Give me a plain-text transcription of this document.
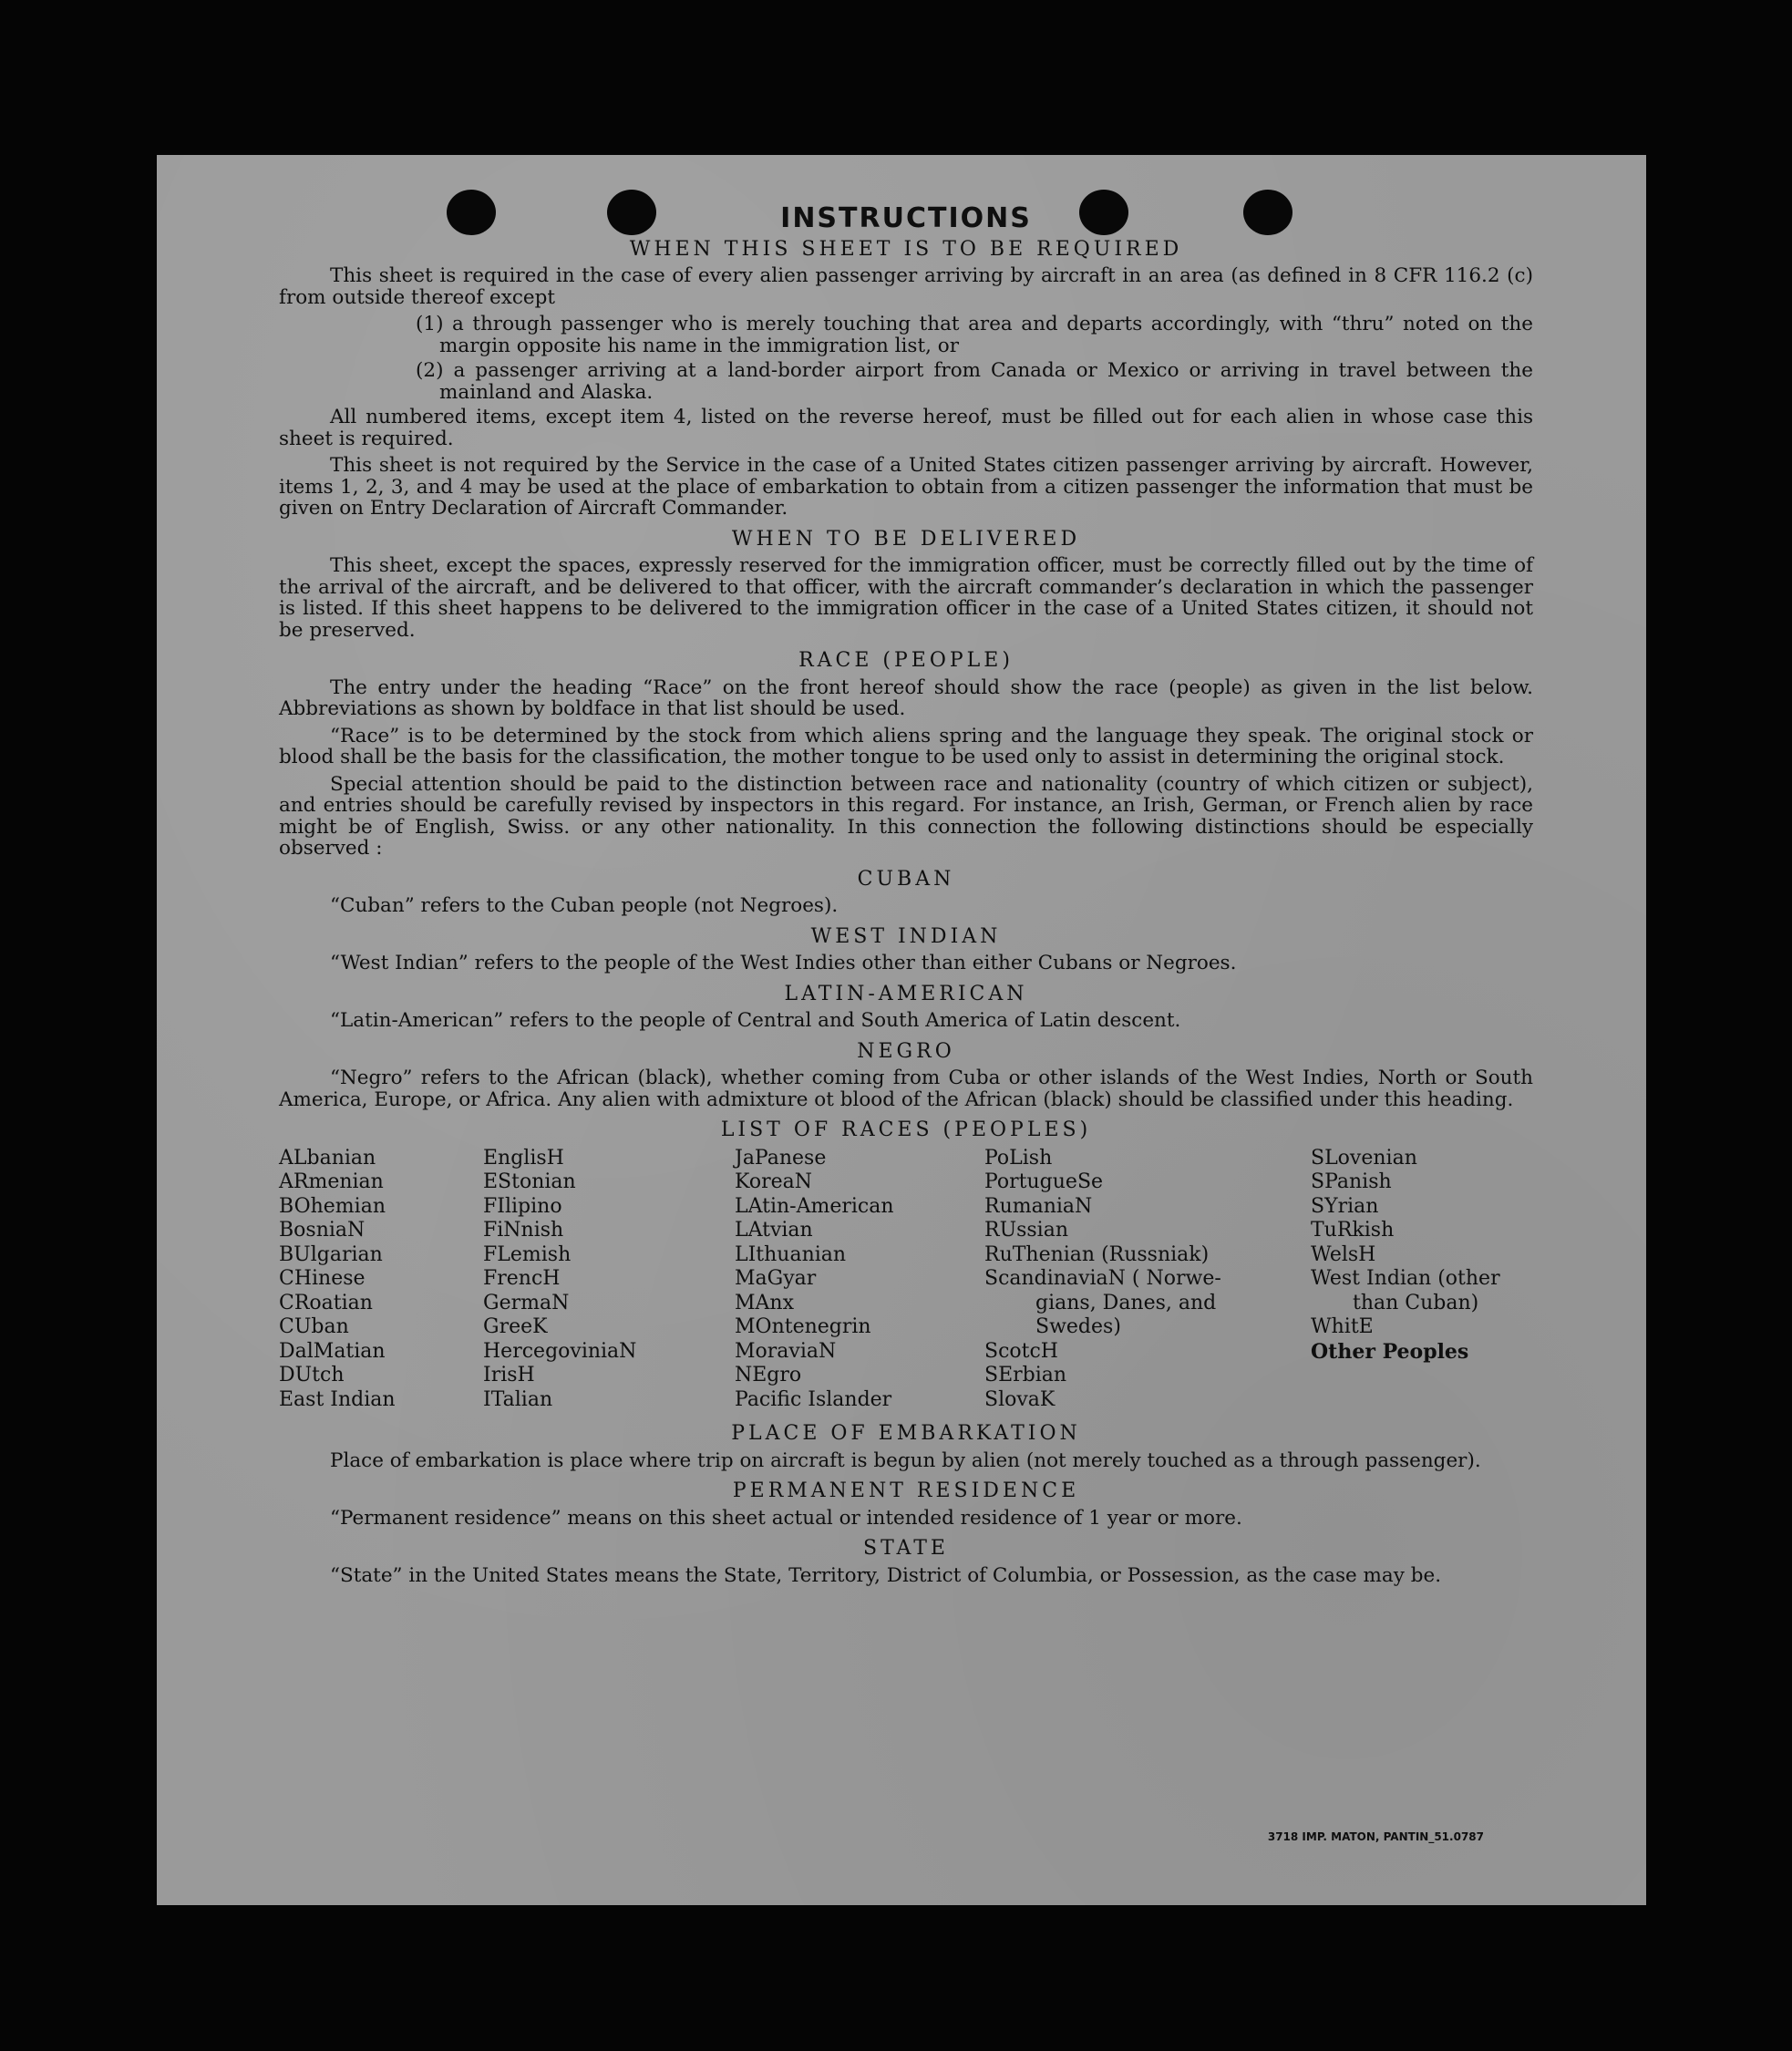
INSTRUCTIONS
WHEN THIS SHEET IS TO BE REQUIRED

This sheet is required in the case of every alien passenger arriving by aircraft in an area (as defined in 8 CFR 116.2 (c) from outside thereof except

(1) a through passenger who is merely touching that area and departs accordingly, with “thru” noted on the margin opposite his name in the immigration list, or

(2) a passenger arriving at a land-border airport from Canada or Mexico or arriving in travel between the mainland and Alaska.

All numbered items, except item 4, listed on the reverse hereof, must be filled out for each alien in whose case this sheet is required.

This sheet is not required by the Service in the case of a United States citizen passenger arriving by aircraft. However, items 1, 2, 3, and 4 may be used at the place of embarkation to obtain from a citizen passenger the information that must be given on Entry Declaration of Aircraft Commander.

WHEN TO BE DELIVERED

This sheet, except the spaces, expressly reserved for the immigration officer, must be correctly filled out by the time of the arrival of the aircraft, and be delivered to that officer, with the aircraft commander’s declaration in which the passenger is listed. If this sheet happens to be delivered to the immigration officer in the case of a United States citizen, it should not be preserved.

RACE (PEOPLE)

The entry under the heading “Race” on the front hereof should show the race (people) as given in the list below. Abbreviations as shown by boldface in that list should be used.

“Race” is to be determined by the stock from which aliens spring and the language they speak. The original stock or blood shall be the basis for the classification, the mother tongue to be used only to assist in determining the original stock.

Special attention should be paid to the distinction between race and nationality (country of which citizen or subject), and entries should be carefully revised by inspectors in this regard. For instance, an Irish, German, or French alien by race might be of English, Swiss. or any other nationality. In this connection the following distinctions should be especially observed :

CUBAN

“Cuban” refers to the Cuban people (not Negroes).

WEST INDIAN

“West Indian” refers to the people of the West Indies other than either Cubans or Negroes.

LATIN-AMERICAN

“Latin-American” refers to the people of Central and South America of Latin descent.

NEGRO

“Negro” refers to the African (black), whether coming from Cuba or other islands of the West Indies, North or South America, Europe, or Africa. Any alien with admixture ot blood of the African (black) should be classified under this heading.

LIST OF RACES (PEOPLES)
ALbanian
ARmenian
BOhemian
BosniaN
BUlgarian
CHinese
CRoatian
CUban
DalMatian
DUtch
East Indian
EnglisH
EStonian
FIlipino
FiNnish
FLemish
FrencH
GermaN
GreeK
HercegoviniaN
IrisH
ITalian
JaPanese
KoreaN
LAtin-American
LAtvian
LIthuanian
MaGyar
MAnx
MOntenegrin
MoraviaN
NEgro
Pacific Islander
PoLish
PortugueSe
RumaniaN
RUssian
RuThenian (Russniak)
ScandinaviaN ( Norwe-
gians, Danes, and
Swedes)
ScotcH
SErbian
SlovaK
SLovenian
SPanish
SYrian
TuRkish
WelsH
West Indian (other
than Cuban)
WhitE
Other Peoples
PLACE OF EMBARKATION

Place of embarkation is place where trip on aircraft is begun by alien (not merely touched as a through passenger).

PERMANENT RESIDENCE

“Permanent residence” means on this sheet actual or intended residence of 1 year or more.

STATE

“State” in the United States means the State, Territory, District of Columbia, or Possession, as the case may be.

3718 IMP. MATON, PANTIN_51.0787
